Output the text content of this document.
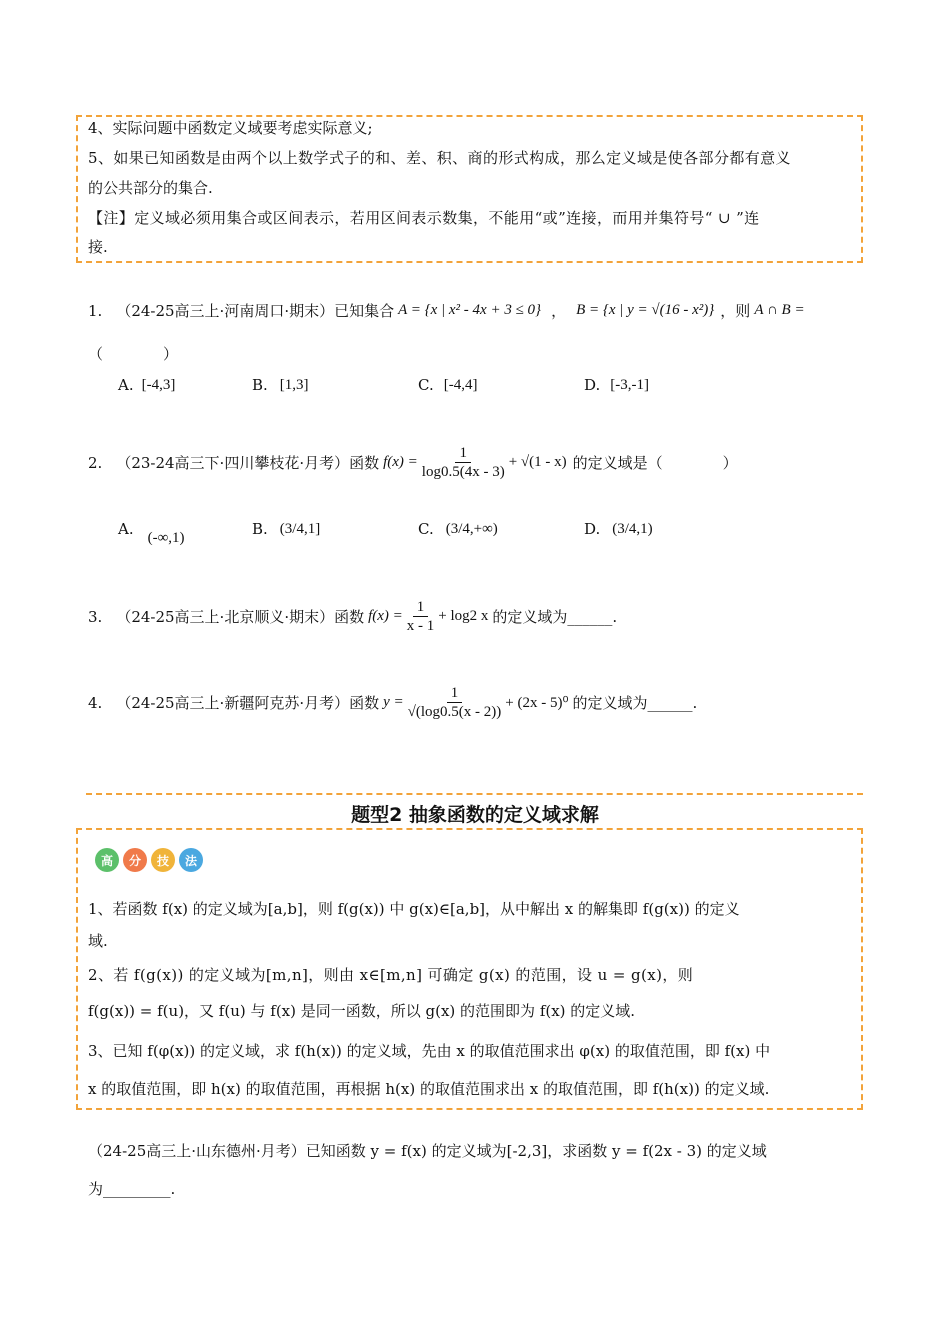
4、实际问题中函数定义域要考虑实际意义;
5、如果已知函数是由两个以上数学式子的和、差、积、商的形式构成，那么定义域是使各部分都有意义
的公共部分的集合.
【注】定义域必须用集合或区间表示，若用区间表示数集，不能用“或”连接，而用并集符号“ ∪ ”连
接.
1. （24-25高三上·河南周口·期末）已知集合 A = {x | x² - 4x + 3 ≤ 0} ， B = {x | y = √(16 - x²)} ，则 A ∩ B =
（　　　　）
A. [-4,3]	B. [1,3]	C. [-4,4]	D. [-3,-1]
2. （23-24高三下·四川攀枝花·月考）函数 $f(x) = \frac{1}{\log 0.5(4x - 3)} + √(1 - x)$ 的定义域是（　　　　）
A. (-∞,1)	B. (3/4,1]	C. (3/4,+∞)	D. (3/4,1)
3. （24-25高三上·北京顺义·期末）函数 $f(x) = \frac{1}{x - 1} + \log 2$ x 的定义域为______.
4. （24-25高三上·新疆阿克苏·月考）函数 $y = \frac{1}{√(\log 0.5(x - 2))} + (2x - 5)^0$ 的定义域为______.
题型2 抽象函数的定义域求解
高	分	技	法
1、若函数 f(x) 的定义域为[a,b]，则 f(g(x)) 中 g(x)∈[a,b]，从中解出 x 的解集即 f(g(x)) 的定义
域.
2、若 f(g(x)) 的定义域为[m,n]，则由 x∈[m,n] 可确定 g(x) 的范围，设 u = g(x)，则
f(g(x)) = f(u)，又 f(u) 与 f(x) 是同一函数，所以 g(x) 的范围即为 f(x) 的定义域.
3、已知 f(φ(x)) 的定义域，求 f(h(x)) 的定义域，先由 x 的取值范围求出 φ(x) 的取值范围，即 f(x) 中
x 的取值范围，即 h(x) 的取值范围，再根据 h(x) 的取值范围求出 x 的取值范围，即 f(h(x)) 的定义域.
（24-25高三上·山东德州·月考）已知函数 y = f(x) 的定义域为[-2,3]，求函数 y = f(2x - 3) 的定义域
为_________.
